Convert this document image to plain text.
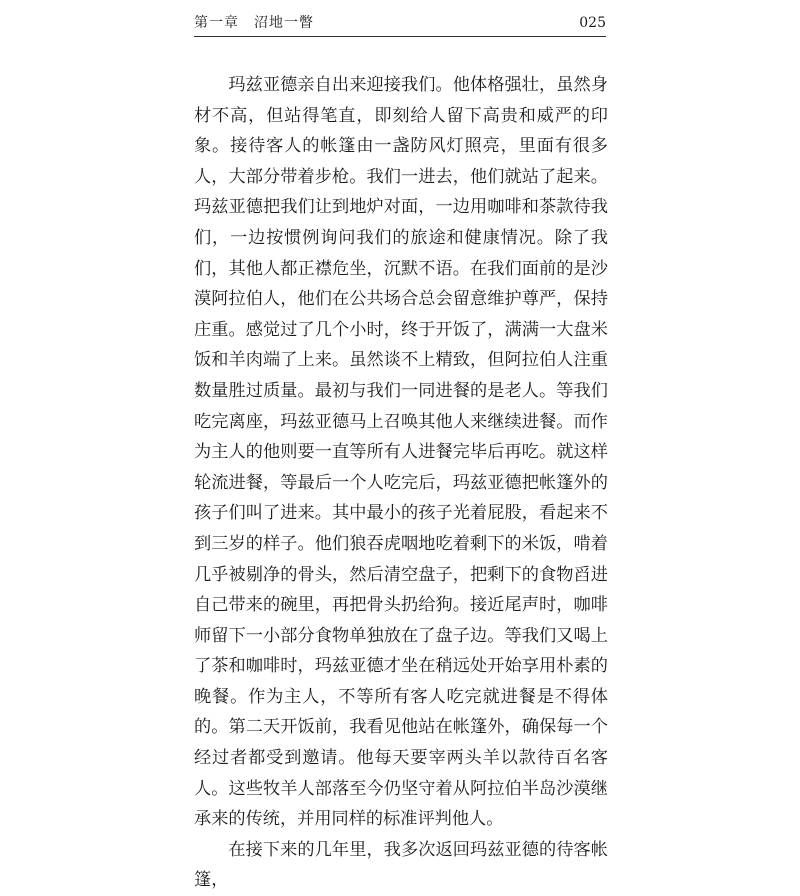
第一章　沼地一瞥	025

玛兹亚德亲自出来迎接我们。他体格强壮，虽然身材不高，但站得笔直，即刻给人留下高贵和威严的印象。接待客人的帐篷由一盏防风灯照亮，里面有很多人，大部分带着步枪。我们一进去，他们就站了起来。玛兹亚德把我们让到地炉对面，一边用咖啡和茶款待我们，一边按惯例询问我们的旅途和健康情况。除了我们，其他人都正襟危坐，沉默不语。在我们面前的是沙漠阿拉伯人，他们在公共场合总会留意维护尊严，保持庄重。感觉过了几个小时，终于开饭了，满满一大盘米饭和羊肉端了上来。虽然谈不上精致，但阿拉伯人注重数量胜过质量。最初与我们一同进餐的是老人。等我们吃完离座，玛兹亚德马上召唤其他人来继续进餐。而作为主人的他则要一直等所有人进餐完毕后再吃。就这样轮流进餐，等最后一个人吃完后，玛兹亚德把帐篷外的孩子们叫了进来。其中最小的孩子光着屁股，看起来不到三岁的样子。他们狼吞虎咽地吃着剩下的米饭，啃着几乎被剔净的骨头，然后清空盘子，把剩下的食物舀进自己带来的碗里，再把骨头扔给狗。接近尾声时，咖啡师留下一小部分食物单独放在了盘子边。等我们又喝上了茶和咖啡时，玛兹亚德才坐在稍远处开始享用朴素的晚餐。作为主人，不等所有客人吃完就进餐是不得体的。第二天开饭前，我看见他站在帐篷外，确保每一个经过者都受到邀请。他每天要宰两头羊以款待百名客人。这些牧羊人部落至今仍坚守着从阿拉伯半岛沙漠继承来的传统，并用同样的标准评判他人。

在接下来的几年里，我多次返回玛兹亚德的待客帐篷，
